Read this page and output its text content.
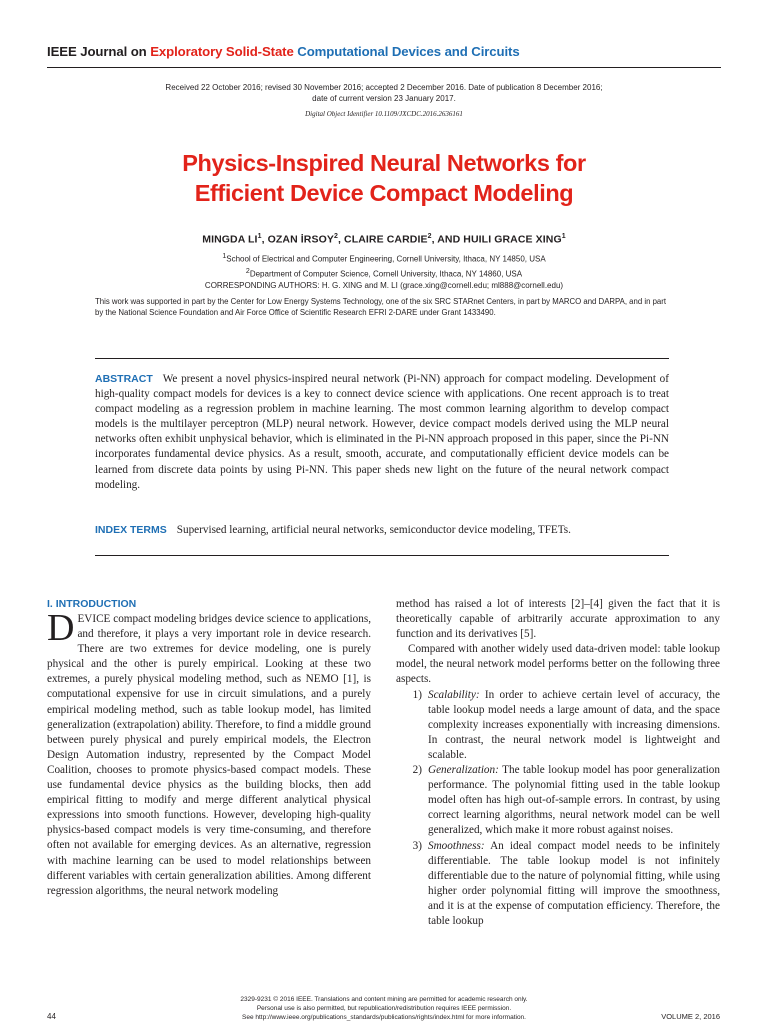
IEEE Journal on Exploratory Solid-State Computational Devices and Circuits
Received 22 October 2016; revised 30 November 2016; accepted 2 December 2016. Date of publication 8 December 2016;
date of current version 23 January 2017.
Digital Object Identifier 10.1109/JXCDC.2016.2636161
Physics-Inspired Neural Networks for
Efficient Device Compact Modeling
MINGDA $LI^1$, OZAN İRSOY$^2$, CLAIRE CARDIE$^2$, AND HUILI GRACE XING$^1$
$^1$School of Electrical and Computer Engineering, Cornell University, Ithaca, NY 14850, USA
$^2$Department of Computer Science, Cornell University, Ithaca, NY 14860, USA
CORRESPONDING AUTHORS: H. G. XING and M. LI (grace.xing@cornell.edu; ml888@cornell.edu)
This work was supported in part by the Center for Low Energy Systems Technology, one of the six SRC STARnet Centers, in part by MARCO and DARPA, and in part by the National Science Foundation and Air Force Office of Scientific Research EFRI 2-DARE under Grant 1433490.
ABSTRACT We present a novel physics-inspired neural network (Pi-NN) approach for compact modeling. Development of high-quality compact models for devices is a key to connect device science with applications. One recent approach is to treat compact modeling as a regression problem in machine learning. The most common learning algorithm to develop compact models is the multilayer perceptron (MLP) neural network. However, device compact models derived using the MLP neural networks often exhibit unphysical behavior, which is eliminated in the Pi-NN approach proposed in this paper, since the Pi-NN incorporates fundamental device physics. As a result, smooth, accurate, and computationally efficient device models can be learned from discrete data points by using Pi-NN. This paper sheds new light on the future of the neural network compact modeling.
INDEX TERMS Supervised learning, artificial neural networks, semiconductor device modeling, TFETs.
I. INTRODUCTION
DEVICE compact modeling bridges device science to applications, and therefore, it plays a very important role in device research. There are two extremes for device modeling, one is purely physical and the other is purely empirical. Looking at these two extremes, a purely physical modeling method, such as NEMO [1], is computational expensive for use in circuit simulations, and a purely empirical modeling method, such as table lookup model, has limited generalization (extrapolation) ability. Therefore, to find a middle ground between purely physical and purely empirical models, the Electron Design Automation industry, represented by the Compact Model Coalition, chooses to promote physics-based compact models. These use fundamental device physics as the building blocks, then add empirical fitting to modify and merge different analytical physical expressions into smooth functions. However, developing high-quality physics-based compact models is very time-consuming, and therefore often not available for emerging devices. As an alternative, regression with machine learning can be used to model relationships between different variables with certain generalization abilities. Among different regression algorithms, the neural network modeling
method has raised a lot of interests [2]–[4] given the fact that it is theoretically capable of arbitrarily accurate approximation to any function and its derivatives [5].
Compared with another widely used data-driven model: table lookup model, the neural network model performs better on the following three aspects.
1) Scalability: In order to achieve certain level of accuracy, the table lookup model needs a large amount of data, and the space complexity increases exponentially with increasing dimensions. In contrast, the neural network model is lightweight and scalable.
2) Generalization: The table lookup model has poor generalization performance. The polynomial fitting used in the table lookup model often has high out-of-sample errors. In contrast, by using correct learning algorithms, neural network model can be well generalized, which make it more robust against noises.
3) Smoothness: An ideal compact model needs to be infinitely differentiable. The table lookup model is not infinitely differentiable due to the nature of polynomial fitting, while using higher order polynomial fitting will improve the smoothness, and it is at the expense of computation efficiency. Therefore, the table lookup
2329-9231 © 2016 IEEE. Translations and content mining are permitted for academic research only.
Personal use is also permitted, but republication/redistribution requires IEEE permission.
See http://www.ieee.org/publications_standards/publications/rights/index.html for more information.
44	VOLUME 2, 2016
